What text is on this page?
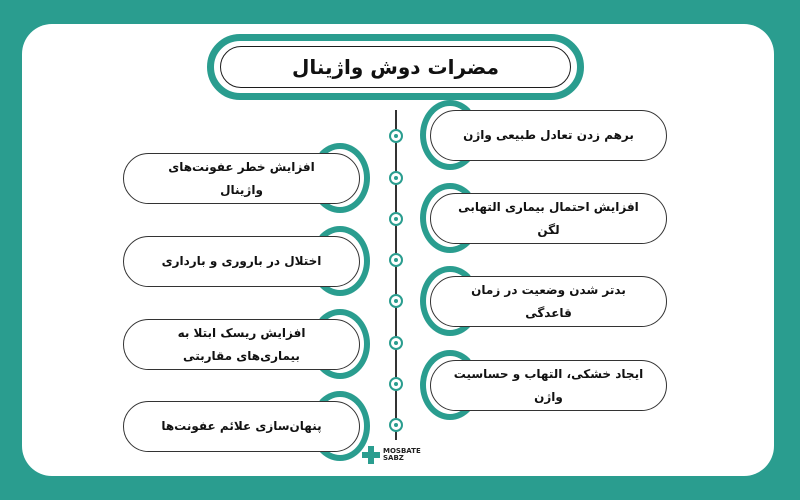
مضرات دوش واژینال
برهم زدن تعادل طبیعی واژن
افزایش احتمال بیماری التهابی لگن
بدتر شدن وضعیت در زمان قاعدگی
ایجاد خشکی، التهاب و حساسیت واژن
افزایش خطر عفونت‌های واژینال
اختلال در باروری و بارداری
افزایش ریسک ابتلا به بیماری‌های مقاربتی
پنهان‌سازی علائم عفونت‌ها
MOSBATE
SABZ
